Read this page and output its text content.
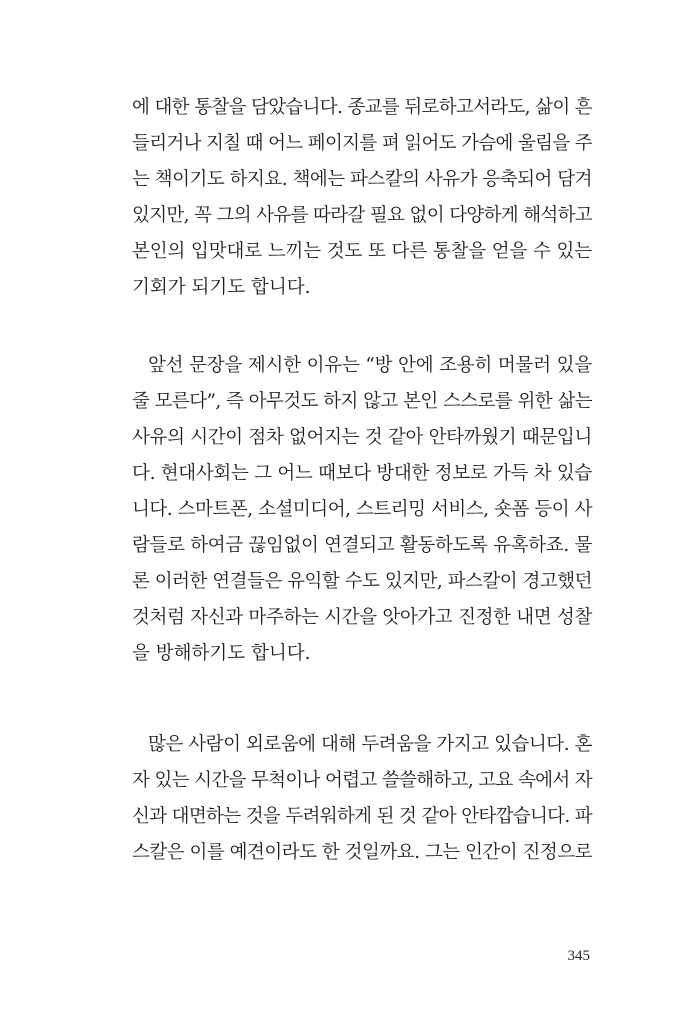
에 대한 통찰을 담았습니다. 종교를 뒤로하고서라도, 삶이 흔
들리거나 지칠 때 어느 페이지를 펴 읽어도 가슴에 울림을 주
는 책이기도 하지요. 책에는 파스칼의 사유가 응축되어 담겨
있지만, 꼭 그의 사유를 따라갈 필요 없이 다양하게 해석하고
본인의 입맛대로 느끼는 것도 또 다른 통찰을 얻을 수 있는
기회가 되기도 합니다.
앞선 문장을 제시한 이유는 “방 안에 조용히 머물러 있을
줄 모른다”, 즉 아무것도 하지 않고 본인 스스로를 위한 삶는
사유의 시간이 점차 없어지는 것 같아 안타까웠기 때문입니
다. 현대사회는 그 어느 때보다 방대한 정보로 가득 차 있습
니다. 스마트폰, 소셜미디어, 스트리밍 서비스, 숏폼 등이 사
람들로 하여금 끊임없이 연결되고 활동하도록 유혹하죠. 물
론 이러한 연결들은 유익할 수도 있지만, 파스칼이 경고했던
것처럼 자신과 마주하는 시간을 앗아가고 진정한 내면 성찰
을 방해하기도 합니다.
많은 사람이 외로움에 대해 두려움을 가지고 있습니다. 혼
자 있는 시간을 무척이나 어렵고 쓸쓸해하고, 고요 속에서 자
신과 대면하는 것을 두려워하게 된 것 같아 안타깝습니다. 파
스칼은 이를 예견이라도 한 것일까요. 그는 인간이 진정으로
345
